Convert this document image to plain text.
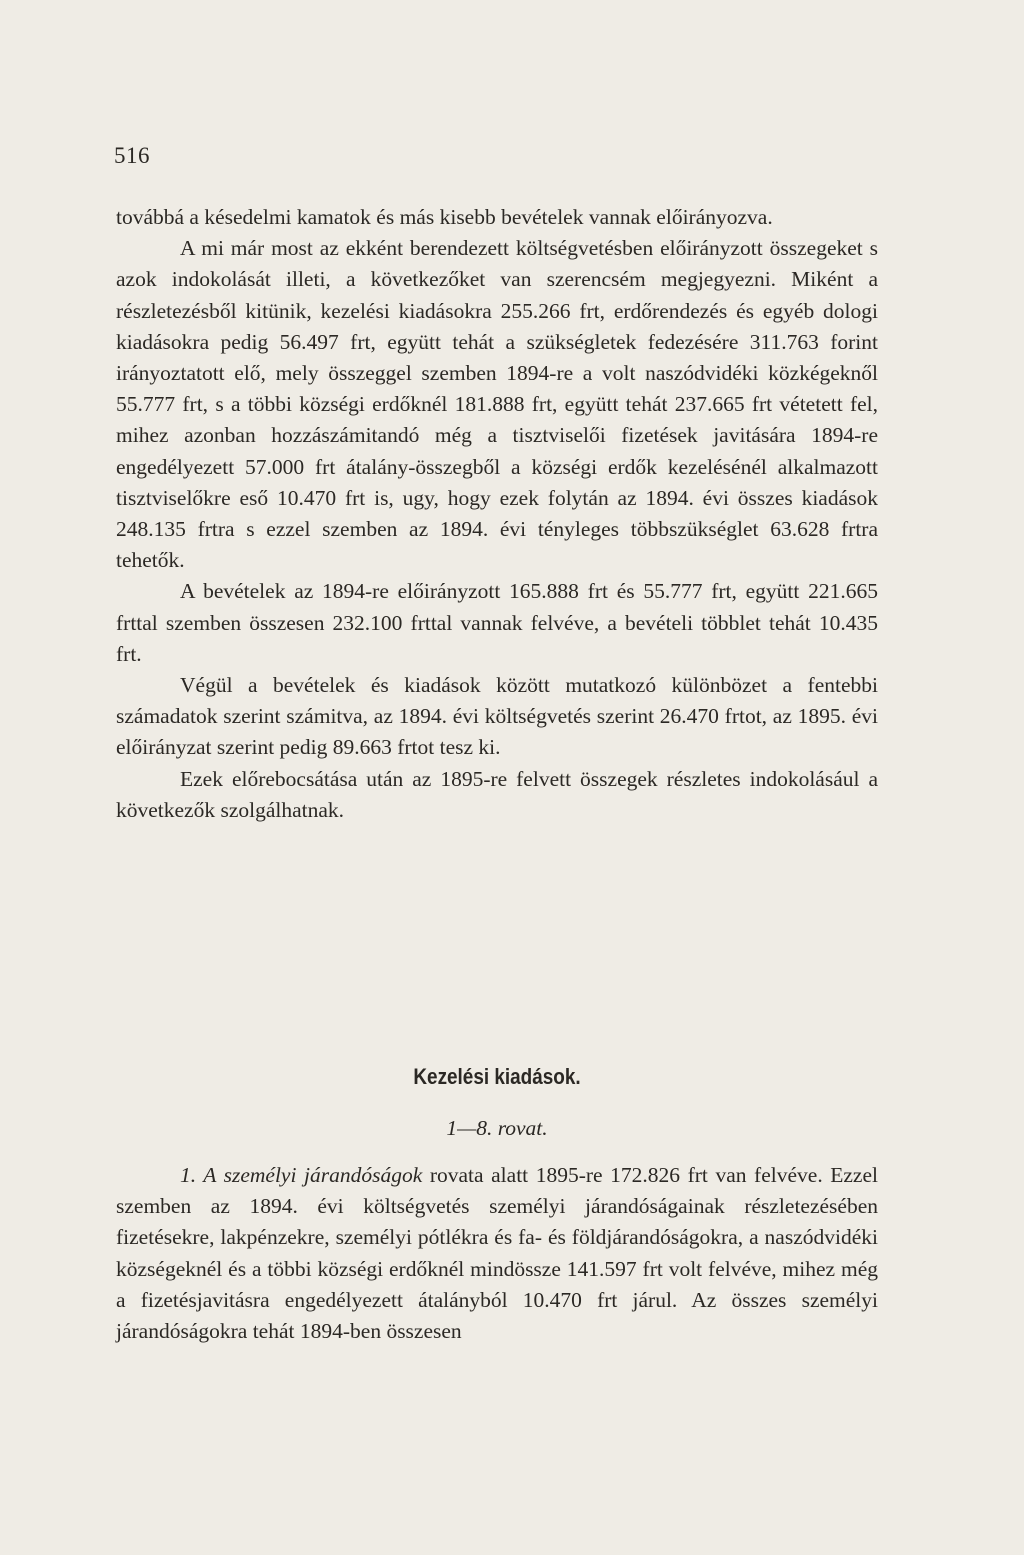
516

továbbá a késedelmi kamatok és más kisebb bevételek vannak előirányozva.

A mi már most az ekként berendezett költségvetésben előirányzott összegeket s azok indokolását illeti, a következőket van szerencsém megjegyezni. Miként a részletezésből kitünik, kezelési kiadásokra 255.266 frt, erdőrendezés és egyéb dologi kiadásokra pedig 56.497 frt, együtt tehát a szükségletek fedezésére 311.763 forint irányoztatott elő, mely összeggel szemben 1894-re a volt naszódvidéki közkégeknől 55.777 frt, s a többi községi erdőknél 181.888 frt, együtt tehát 237.665 frt vétetett fel, mihez azonban hozzászámitandó még a tisztviselői fizetések javitására 1894-re engedélyezett 57.000 frt átalány-összegből a községi erdők kezelésénél alkalmazott tisztviselőkre eső 10.470 frt is, ugy, hogy ezek folytán az 1894. évi összes kiadások 248.135 frtra s ezzel szemben az 1894. évi tényleges többszükséglet 63.628 frtra tehetők.

A bevételek az 1894-re előirányzott 165.888 frt és 55.777 frt, együtt 221.665 frttal szemben összesen 232.100 frttal vannak felvéve, a bevételi többlet tehát 10.435 frt.

Végül a bevételek és kiadások között mutatkozó különbözet a fentebbi számadatok szerint számitva, az 1894. évi költségvetés szerint 26.470 frtot, az 1895. évi előirányzat szerint pedig 89.663 frtot tesz ki.

Ezek előrebocsátása után az 1895-re felvett összegek részletes indokolásául a következők szolgálhatnak.

Kezelési kiadások.
1—8. rovat.

1. A személyi járandóságok rovata alatt 1895-re 172.826 frt van felvéve. Ezzel szemben az 1894. évi költségvetés személyi járandóságainak részletezésében fizetésekre, lakpénzekre, személyi pótlékra és fa- és földjárandóságokra, a naszódvidéki községeknél és a többi községi erdőknél mindössze 141.597 frt volt felvéve, mihez még a fizetésjavitásra engedélyezett átalányból 10.470 frt járul. Az összes személyi járandóságokra tehát 1894-ben összesen
